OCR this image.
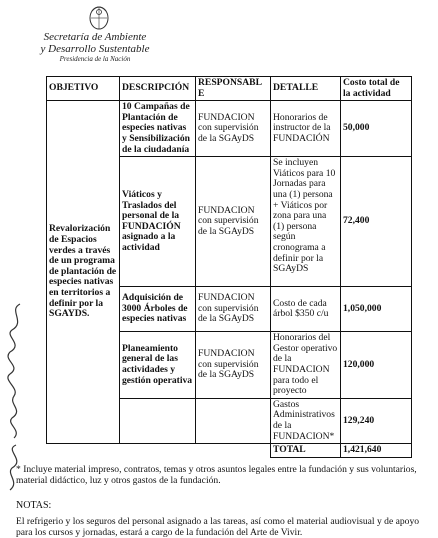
Secretaría de Ambiente
y Desarrollo Sustentable
Presidencia de la Nación
OBJETIVO	DESCRIPCIÓN	RESPONSABLE	DETALLE	Costo total de la actividad
Revalorización de Espacios verdes a través de un programa de plantación de especies nativas en territorios a definir por la SGAYDS.	10 Campañas de Plantación de especies nativas y Sensibilización de la ciudadanía	FUNDACION con supervisión de la SGAyDS	Honorarios de instructor de la FUNDACIÓN	50,000
	Viáticos y Traslados del personal de la FUNDACIÓN asignado a la actividad	FUNDACION con supervisión de la SGAyDS	Se incluyen Viáticos para 10 Jornadas para una (1) persona + Viáticos por zona para una (1) persona según cronograma a definir por la SGAyDS	72,400
	Adquisición de 3000 Árboles de especies nativas	FUNDACION con supervisión de la SGAyDS	Costo de cada árbol $350 c/u	1,050,000
	Planeamiento general de las actividades y gestión operativa	FUNDACION con supervisión de la SGAyDS	Honorarios del Gestor operativo de la FUNDACION para todo el proyecto	120,000
			Gastos Administrativos de la FUNDACION*	129,240
			TOTAL	1,421,640
* Incluye material impreso, contratos, temas y otros asuntos legales entre la fundación y sus voluntarios, material didáctico, luz y otros gastos de la fundación.
NOTAS:
El refrigerio y los seguros del personal asignado a las tareas, así como el material audiovisual y de apoyo para los cursos y jornadas, estará a cargo de la fundación del Arte de Vivir.
